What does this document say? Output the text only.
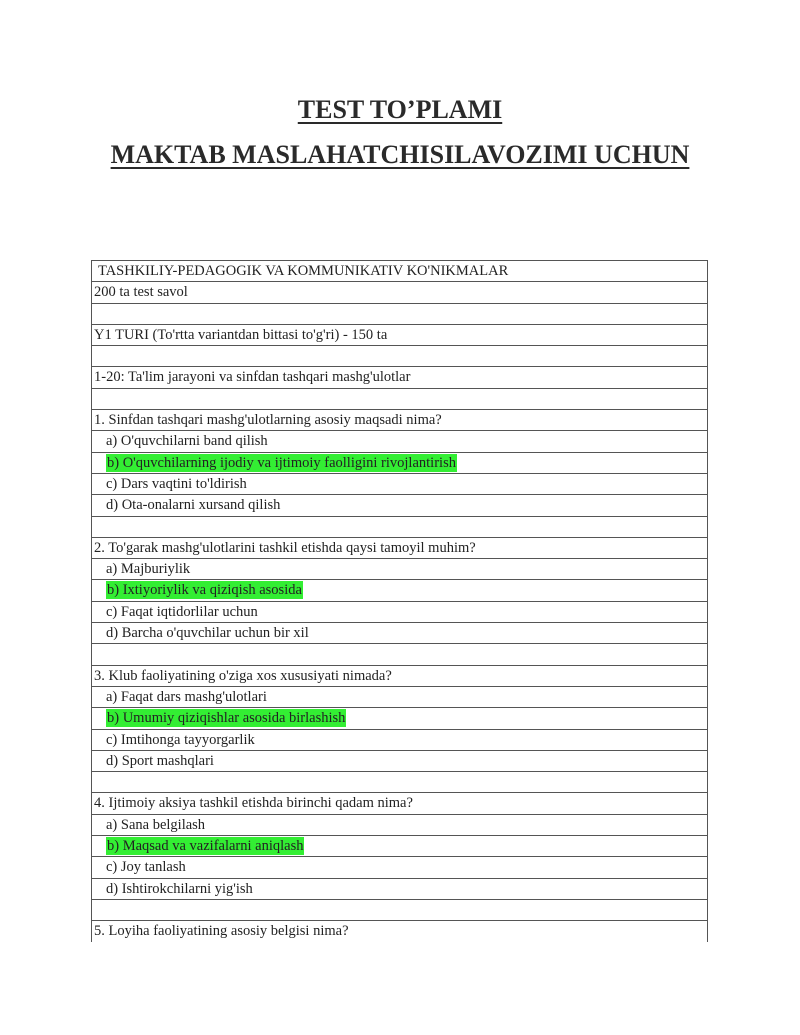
TEST TO’PLAMI
MAKTAB MASLAHATCHISILAVOZIMI UCHUN
TASHKILIY-PEDAGOGIK VA KOMMUNIKATIV KO'NIKMALAR
200 ta test savol
Y1 TURI (To'rtta variantdan bittasi to'g'ri) - 150 ta
1-20: Ta'lim jarayoni va sinfdan tashqari mashg'ulotlar
1. Sinfdan tashqari mashg'ulotlarning asosiy maqsadi nima?
a) O'quvchilarni band qilish
b) O'quvchilarning ijodiy va ijtimoiy faolligini rivojlantirish
c) Dars vaqtini to'ldirish
d) Ota-onalarni xursand qilish
2. To'garak mashg'ulotlarini tashkil etishda qaysi tamoyil muhim?
a) Majburiylik
b) Ixtiyoriylik va qiziqish asosida
c) Faqat iqtidorlilar uchun
d) Barcha o'quvchilar uchun bir xil
3. Klub faoliyatining o'ziga xos xususiyati nimada?
a) Faqat dars mashg'ulotlari
b) Umumiy qiziqishlar asosida birlashish
c) Imtihonga tayyorgarlik
d) Sport mashqlari
4. Ijtimoiy aksiya tashkil etishda birinchi qadam nima?
a) Sana belgilash
b) Maqsad va vazifalarni aniqlash
c) Joy tanlash
d) Ishtirokchilarni yig'ish
5. Loyiha faoliyatining asosiy belgisi nima?
